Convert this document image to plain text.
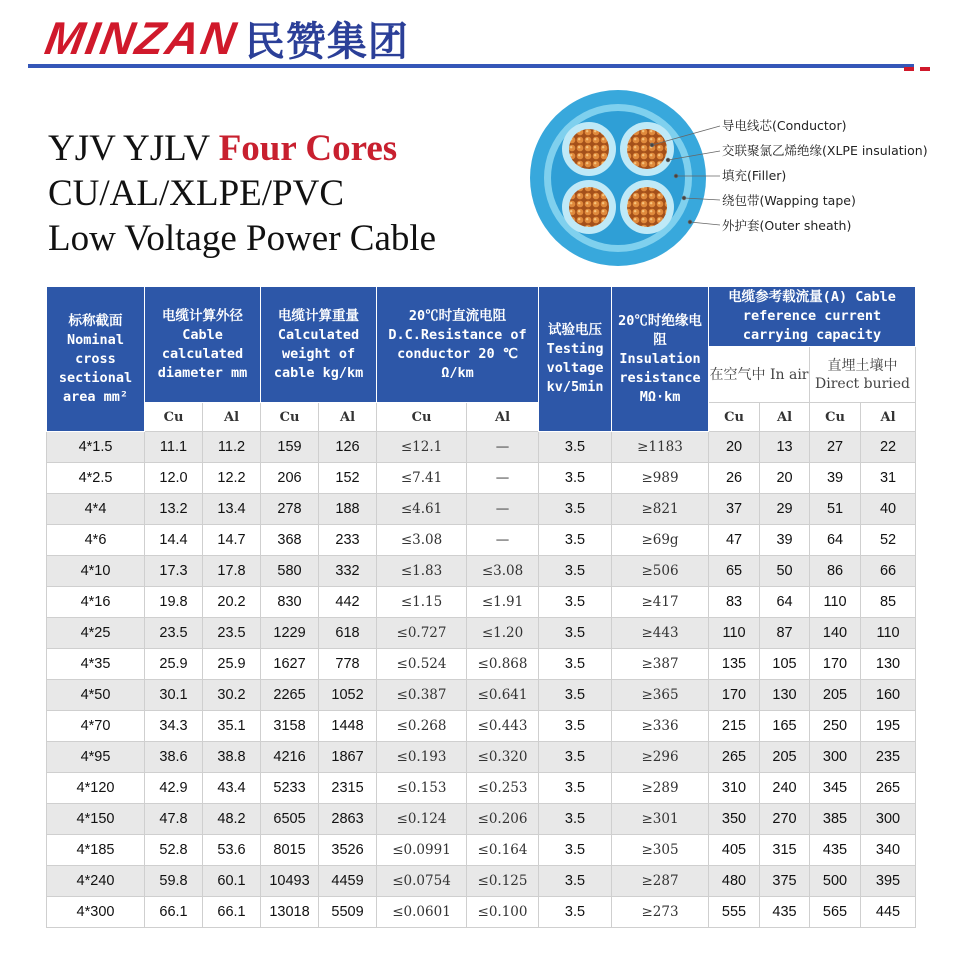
MINZAN 民赞集团
YJV YJLV Four Cores
CU/AL/XLPE/PVC
Low Voltage Power Cable
导电线芯(Conductor)
交联聚氯乙烯绝缘(XLPE insulation)
填充(Filler)
绕包带(Wapping tape)
外护套(Outer sheath)
标称截面 Nominal cross sectional area mm²	电缆计算外径 Cable calculated diameter mm		电缆计算重量 Calculated weight of cable kg/km		20℃时直流电阻 D.C.Resistance of conductor 20 ℃ Ω/km		试验电压 Testing voltage kv/5min	20℃时绝缘电阻 Insulation resistance MΩ·km	电缆参考载流量(A) Cable reference current carrying capacity			
									在空气中 In air		直埋土壤中 Direct buried	
	Cu	Al	Cu	Al	Cu	Al			Cu	Al	Cu	Al
4*1.5	11.1	11.2	159	126	≤12.1	—	3.5	≥1183	20	13	27	22
4*2.5	12.0	12.2	206	152	≤7.41	—	3.5	≥989	26	20	39	31
4*4	13.2	13.4	278	188	≤4.61	—	3.5	≥821	37	29	51	40
4*6	14.4	14.7	368	233	≤3.08	—	3.5	≥69g	47	39	64	52
4*10	17.3	17.8	580	332	≤1.83	≤3.08	3.5	≥506	65	50	86	66
4*16	19.8	20.2	830	442	≤1.15	≤1.91	3.5	≥417	83	64	110	85
4*25	23.5	23.5	1229	618	≤0.727	≤1.20	3.5	≥443	110	87	140	110
4*35	25.9	25.9	1627	778	≤0.524	≤0.868	3.5	≥387	135	105	170	130
4*50	30.1	30.2	2265	1052	≤0.387	≤0.641	3.5	≥365	170	130	205	160
4*70	34.3	35.1	3158	1448	≤0.268	≤0.443	3.5	≥336	215	165	250	195
4*95	38.6	38.8	4216	1867	≤0.193	≤0.320	3.5	≥296	265	205	300	235
4*120	42.9	43.4	5233	2315	≤0.153	≤0.253	3.5	≥289	310	240	345	265
4*150	47.8	48.2	6505	2863	≤0.124	≤0.206	3.5	≥301	350	270	385	300
4*185	52.8	53.6	8015	3526	≤0.0991	≤0.164	3.5	≥305	405	315	435	340
4*240	59.8	60.1	10493	4459	≤0.0754	≤0.125	3.5	≥287	480	375	500	395
4*300	66.1	66.1	13018	5509	≤0.0601	≤0.100	3.5	≥273	555	435	565	445
